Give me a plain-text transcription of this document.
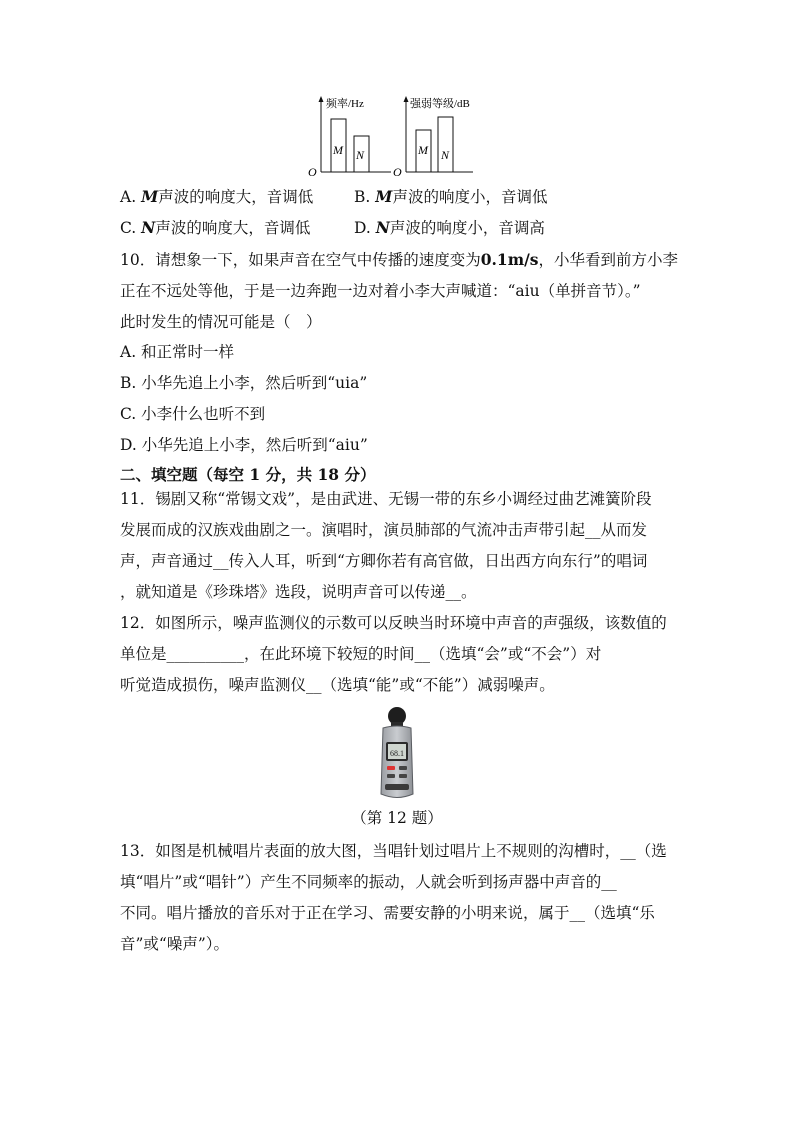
频率/Hz
O
M N
强弱等级/dB
O
M N
A. M声波的响度大，音调低	B. M声波的响度小，音调低
C. N声波的响度大，音调低	D. N声波的响度小，音调高
10．请想象一下，如果声音在空气中传播的速度变为0.1m/s，小华看到前方小李
正在不远处等他，于是一边奔跑一边对着小李大声喊道：“aiu（单拼音节）。”
此时发生的情况可能是（　）
A. 和正常时一样
B. 小华先追上小李，然后听到“uia”
C. 小李什么也听不到
D. 小华先追上小李，然后听到“aiu”
二、填空题（每空 1 分，共 18 分）
11．锡剧又称“常锡文戏”，是由武进、无锡一带的东乡小调经过曲艺滩簧阶段
发展而成的汉族戏曲剧之一。演唱时，演员肺部的气流冲击声带引起__从而发
声，声音通过__传入人耳，听到“方卿你若有高官做，日出西方向东行”的唱词
，就知道是《珍珠塔》选段，说明声音可以传递__。
12．如图所示，噪声监测仪的示数可以反映当时环境中声音的声强级，该数值的
单位是__________，在此环境下较短的时间__（选填“会”或“不会”）对
听觉造成损伤，噪声监测仪__（选填“能”或“不能”）减弱噪声。
68.1
（第 12 题）
13．如图是机械唱片表面的放大图，当唱针划过唱片上不规则的沟槽时，__（选
填“唱片”或“唱针”）产生不同频率的振动，人就会听到扬声器中声音的__
不同。唱片播放的音乐对于正在学习、需要安静的小明来说，属于__（选填“乐
音”或“噪声”）。
